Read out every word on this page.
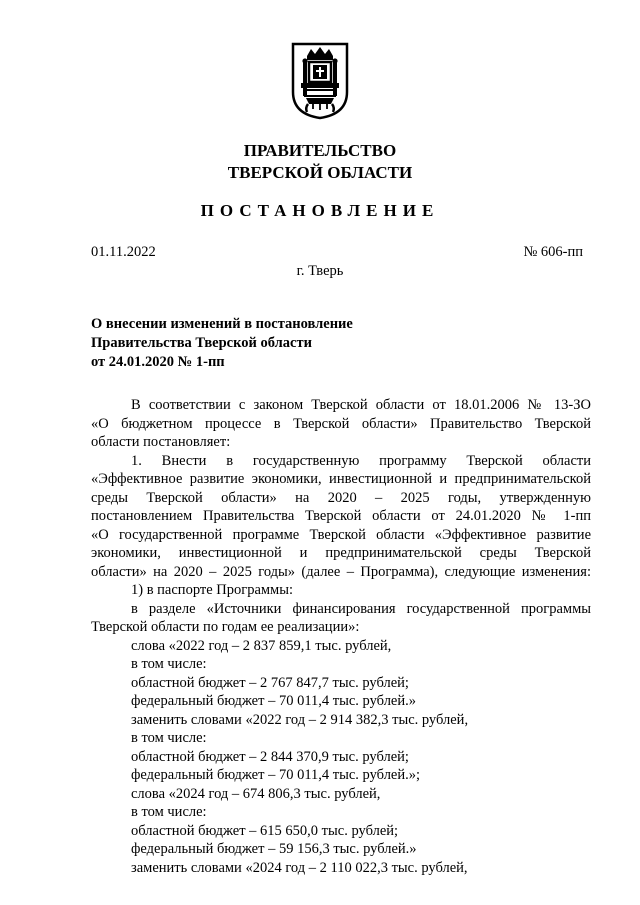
ПРАВИТЕЛЬСТВО
ТВЕРСКОЙ ОБЛАСТИ
ПОСТАНОВЛЕНИЕ
01.11.2022	№ 606-пп
г. Тверь
О внесении изменений в постановление
Правительства Тверской области
от 24.01.2020 № 1-пп
В соответствии с законом Тверской области от 18.01.2006 № 13-ЗО
«О бюджетном процессе в Тверской области» Правительство Тверской
области постановляет:
1. Внести в государственную программу Тверской области
«Эффективное развитие экономики, инвестиционной и предпринимательской
среды Тверской области» на 2020 – 2025 годы, утвержденную
постановлением Правительства Тверской области от 24.01.2020 № 1-пп
«О государственной программе Тверской области «Эффективное развитие
экономики, инвестиционной и предпринимательской среды Тверской
области» на 2020 – 2025 годы» (далее – Программа), следующие изменения:
1) в паспорте Программы:
в разделе «Источники финансирования государственной программы
Тверской области по годам ее реализации»:
слова «2022 год – 2 837 859,1 тыс. рублей,
в том числе:
областной бюджет – 2 767 847,7 тыс. рублей;
федеральный бюджет – 70 011,4 тыс. рублей.»
заменить словами «2022 год – 2 914 382,3 тыс. рублей,
в том числе:
областной бюджет – 2 844 370,9 тыс. рублей;
федеральный бюджет – 70 011,4 тыс. рублей.»;
слова «2024 год – 674 806,3 тыс. рублей,
в том числе:
областной бюджет – 615 650,0 тыс. рублей;
федеральный бюджет – 59 156,3 тыс. рублей.»
заменить словами «2024 год – 2 110 022,3 тыс. рублей,
